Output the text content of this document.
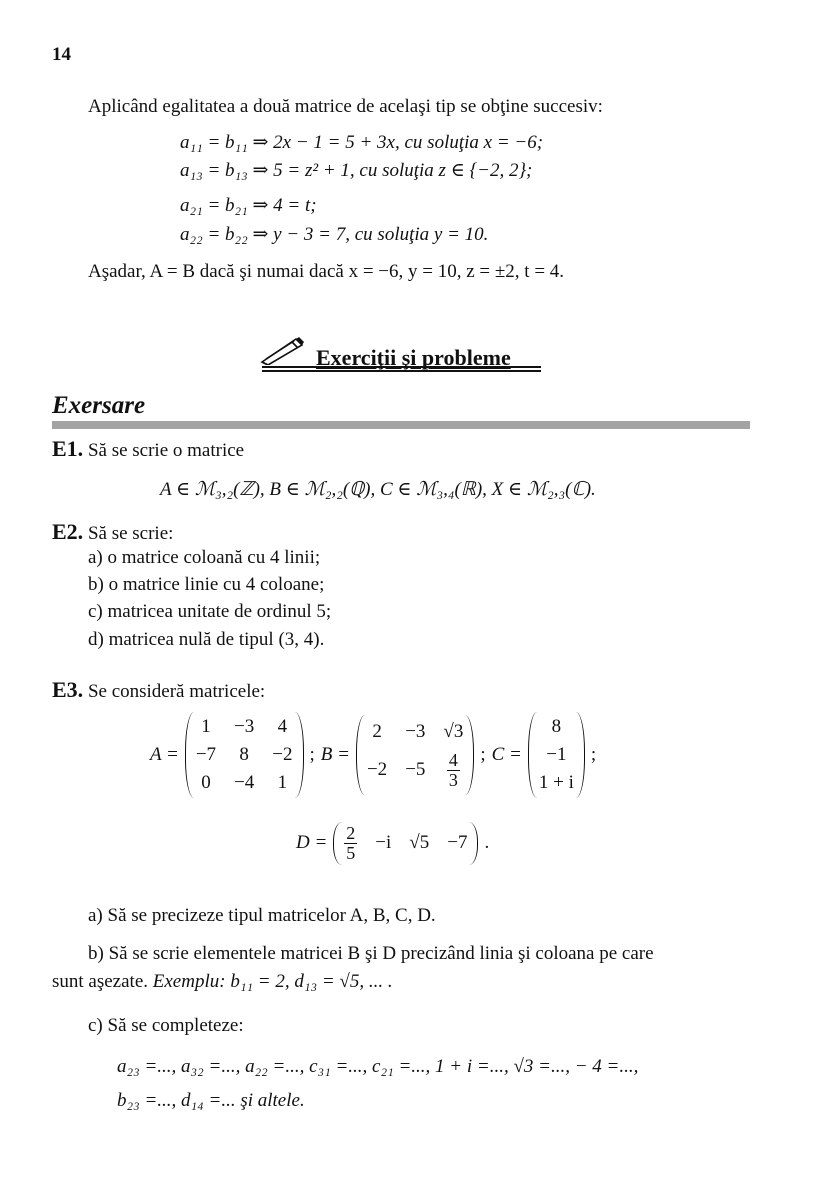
14
Aplicând egalitatea a două matrice de acelaşi tip se obţine succesiv:
a₁₁ = b₁₁ ⇒ 2x − 1 = 5 + 3x, cu soluţia x = −6;
a₁₃ = b₁₃ ⇒ 5 = z² + 1, cu soluţia z ∈ {−2, 2};
a₂₁ = b₂₁ ⇒ 4 = t;
a₂₂ = b₂₂ ⇒ y − 3 = 7, cu soluţia y = 10.
Aşadar, A = B dacă şi numai dacă x = −6, y = 10, z = ±2, t = 4.
Exerciţii şi probleme
Exersare
E1. Să se scrie o matrice
A ∈ ℳ₃,₂(ℤ), B ∈ ℳ₂,₂(ℚ), C ∈ ℳ₃,₄(ℝ), X ∈ ℳ₂,₃(ℂ).
E2. Să se scrie:
a) o matrice coloană cu 4 linii;
b) o matrice linie cu 4 coloane;
c) matricea unitate de ordinul 5;
d) matricea nulă de tipul (3, 4).
E3. Se consideră matricele:
A =
1 −3 4
−7 8 −2
0 −4 1
; B =
2 −3 √3
$-2 -5 \frac{4}{3}$ ; C =
8
−1
1 + i
;
$D = \frac{2}{5} -i$ √5 −7 .
a) Să se precizeze tipul matricelor A, B, C, D.
b) Să se scrie elementele matricei B şi D precizând linia şi coloana pe care
sunt aşezate. Exemplu: b₁₁ = 2, d₁₃ = √5, ... .
c) Să se completeze:
a₂₃ =..., a₃₂ =..., a₂₂ =..., c₃₁ =..., c₂₁ =..., 1 + i =..., √3 =..., − 4 =...,
b₂₃ =..., d₁₄ =... şi altele.
